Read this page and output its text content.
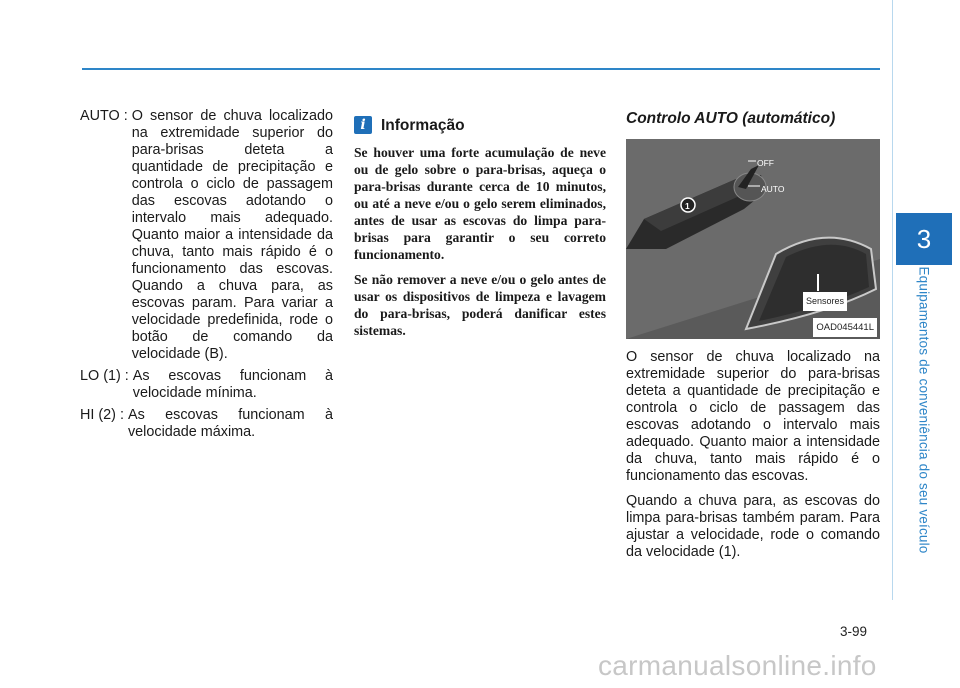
AUTO : O sensor de chuva localizado na extremidade superior do para-brisas deteta a quantidade de precipitação e controla o ciclo de passagem das escovas adotando o intervalo mais adequado. Quanto maior a intensidade da chuva, tanto mais rápido é o funcionamento das escovas. Quando a chuva para, as escovas param. Para variar a velocidade predefinida, rode o botão de comando da velocidade (B).
LO (1) : As escovas funcionam à velocidade mínima.
HI (2) : As escovas funcionam à velocidade máxima.
i Informação

Se houver uma forte acumulação de neve ou de gelo sobre o para-brisas, aqueça o para-brisas durante cerca de 10 minutos, ou até a neve e/ou o gelo serem eliminados, antes de usar as escovas do limpa para-brisas para garantir o seu correto funcionamento.

Se não remover a neve e/ou o gelo antes de usar os dispositivos de limpeza e lavagem do para-brisas, poderá danificar estes sistemas.

Controlo AUTO (automático)
1
OFF
AUTO
Sensores
OAD045441L

O sensor de chuva localizado na extremidade superior do para-brisas deteta a quantidade de precipitação e controla o ciclo de passagem das escovas adotando o intervalo mais adequado. Quanto maior a intensidade da chuva, tanto mais rápido é o funcionamento das escovas.

Quando a chuva para, as escovas do limpa para-brisas também param. Para ajustar a velocidade, rode o comando da velocidade (1).

3
Equipamentos de conveniência do seu veículo
3-99
carmanualsonline.info
